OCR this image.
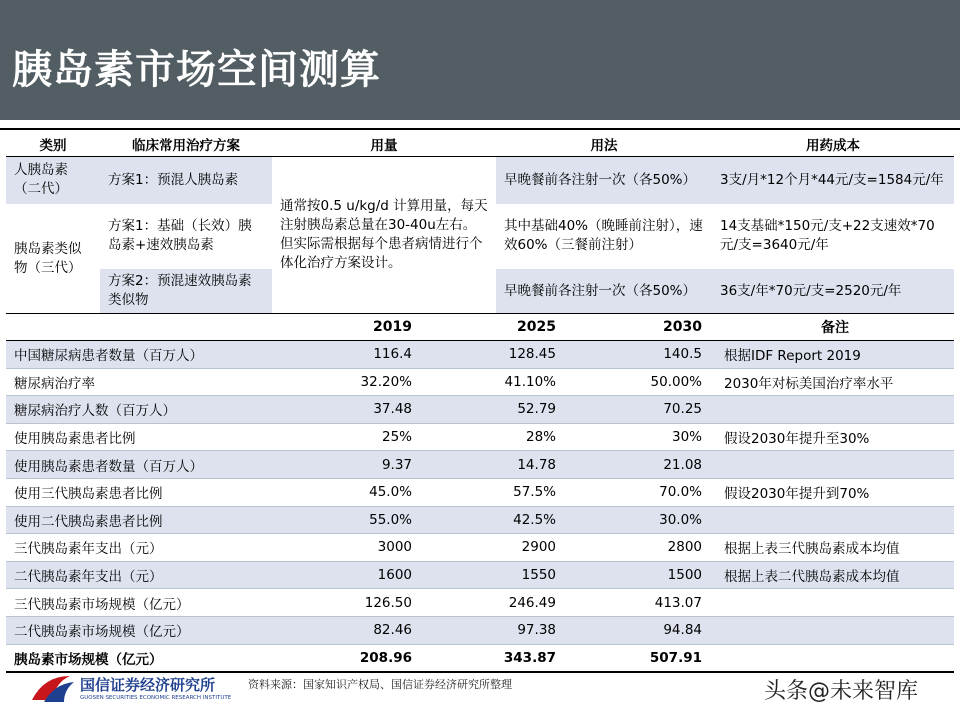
胰岛素市场空间测算
类别	临床常用治疗方案	用量	用法	用药成本
人胰岛素（二代）	方案1：预混人胰岛素	通常按0.5 u/kg/d 计算用量，每天注射胰岛素总量在30-40u左右。但实际需根据每个患者病情进行个体化治疗方案设计。	早晚餐前各注射一次（各50%）	3支/月*12个月*44元/支=1584元/年
胰岛素类似物（三代）	方案1：基础（长效）胰岛素+速效胰岛素		其中基础40%（晚睡前注射），速效60%（三餐前注射）	14支基础*150元/支+22支速效*70元/支=3640元/年
	方案2：预混速效胰岛素类似物		早晚餐前各注射一次（各50%）	36支/年*70元/支=2520元/年
	2019	2025	2030	备注
中国糖尿病患者数量（百万人）	116.4	128.45	140.5	根据IDF Report 2019
糖尿病治疗率	32.20%	41.10%	50.00%	2030年对标美国治疗率水平
糖尿病治疗人数（百万人）	37.48	52.79	70.25	
使用胰岛素患者比例	25%	28%	30%	假设2030年提升至30%
使用胰岛素患者数量（百万人）	9.37	14.78	21.08	
使用三代胰岛素患者比例	45.0%	57.5%	70.0%	假设2030年提升到70%
使用二代胰岛素患者比例	55.0%	42.5%	30.0%	
三代胰岛素年支出（元）	3000	2900	2800	根据上表三代胰岛素成本均值
二代胰岛素年支出（元）	1600	1550	1500	根据上表二代胰岛素成本均值
三代胰岛素市场规模（亿元）	126.50	246.49	413.07	
二代胰岛素市场规模（亿元）	82.46	97.38	94.84	
胰岛素市场规模（亿元）	208.96	343.87	507.91	
国信证券经济研究所
GUOSEN SECURITIES ECONOMIC RESEARCH INSTITUTE
资料来源：国家知识产权局、国信证券经济研究所整理	头条@未来智库
